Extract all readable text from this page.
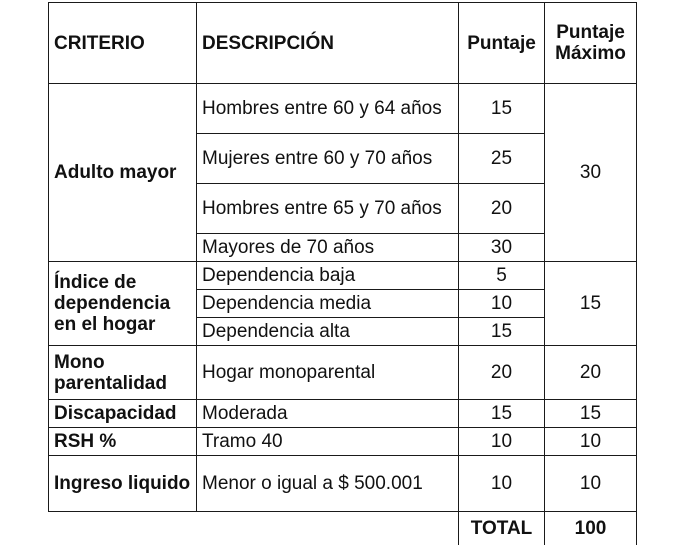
CRITERIO	DESCRIPCIÓN	Puntaje	Puntaje Máximo
Adulto mayor	Hombres entre 60 y 64 años	15	30
	Mujeres entre 60 y 70 años	25	
	Hombres entre 65 y 70 años	20	
	Mayores de 70 años	30	
Índice de dependencia en el hogar	Dependencia baja	5	15
	Dependencia media	10	
	Dependencia alta	15	
Mono parentalidad	Hogar monoparental	20	20
Discapacidad	Moderada	15	15
RSH %	Tramo 40	10	10
Ingreso liquido	Menor o igual a $ 500.001	10	10
		TOTAL	100
